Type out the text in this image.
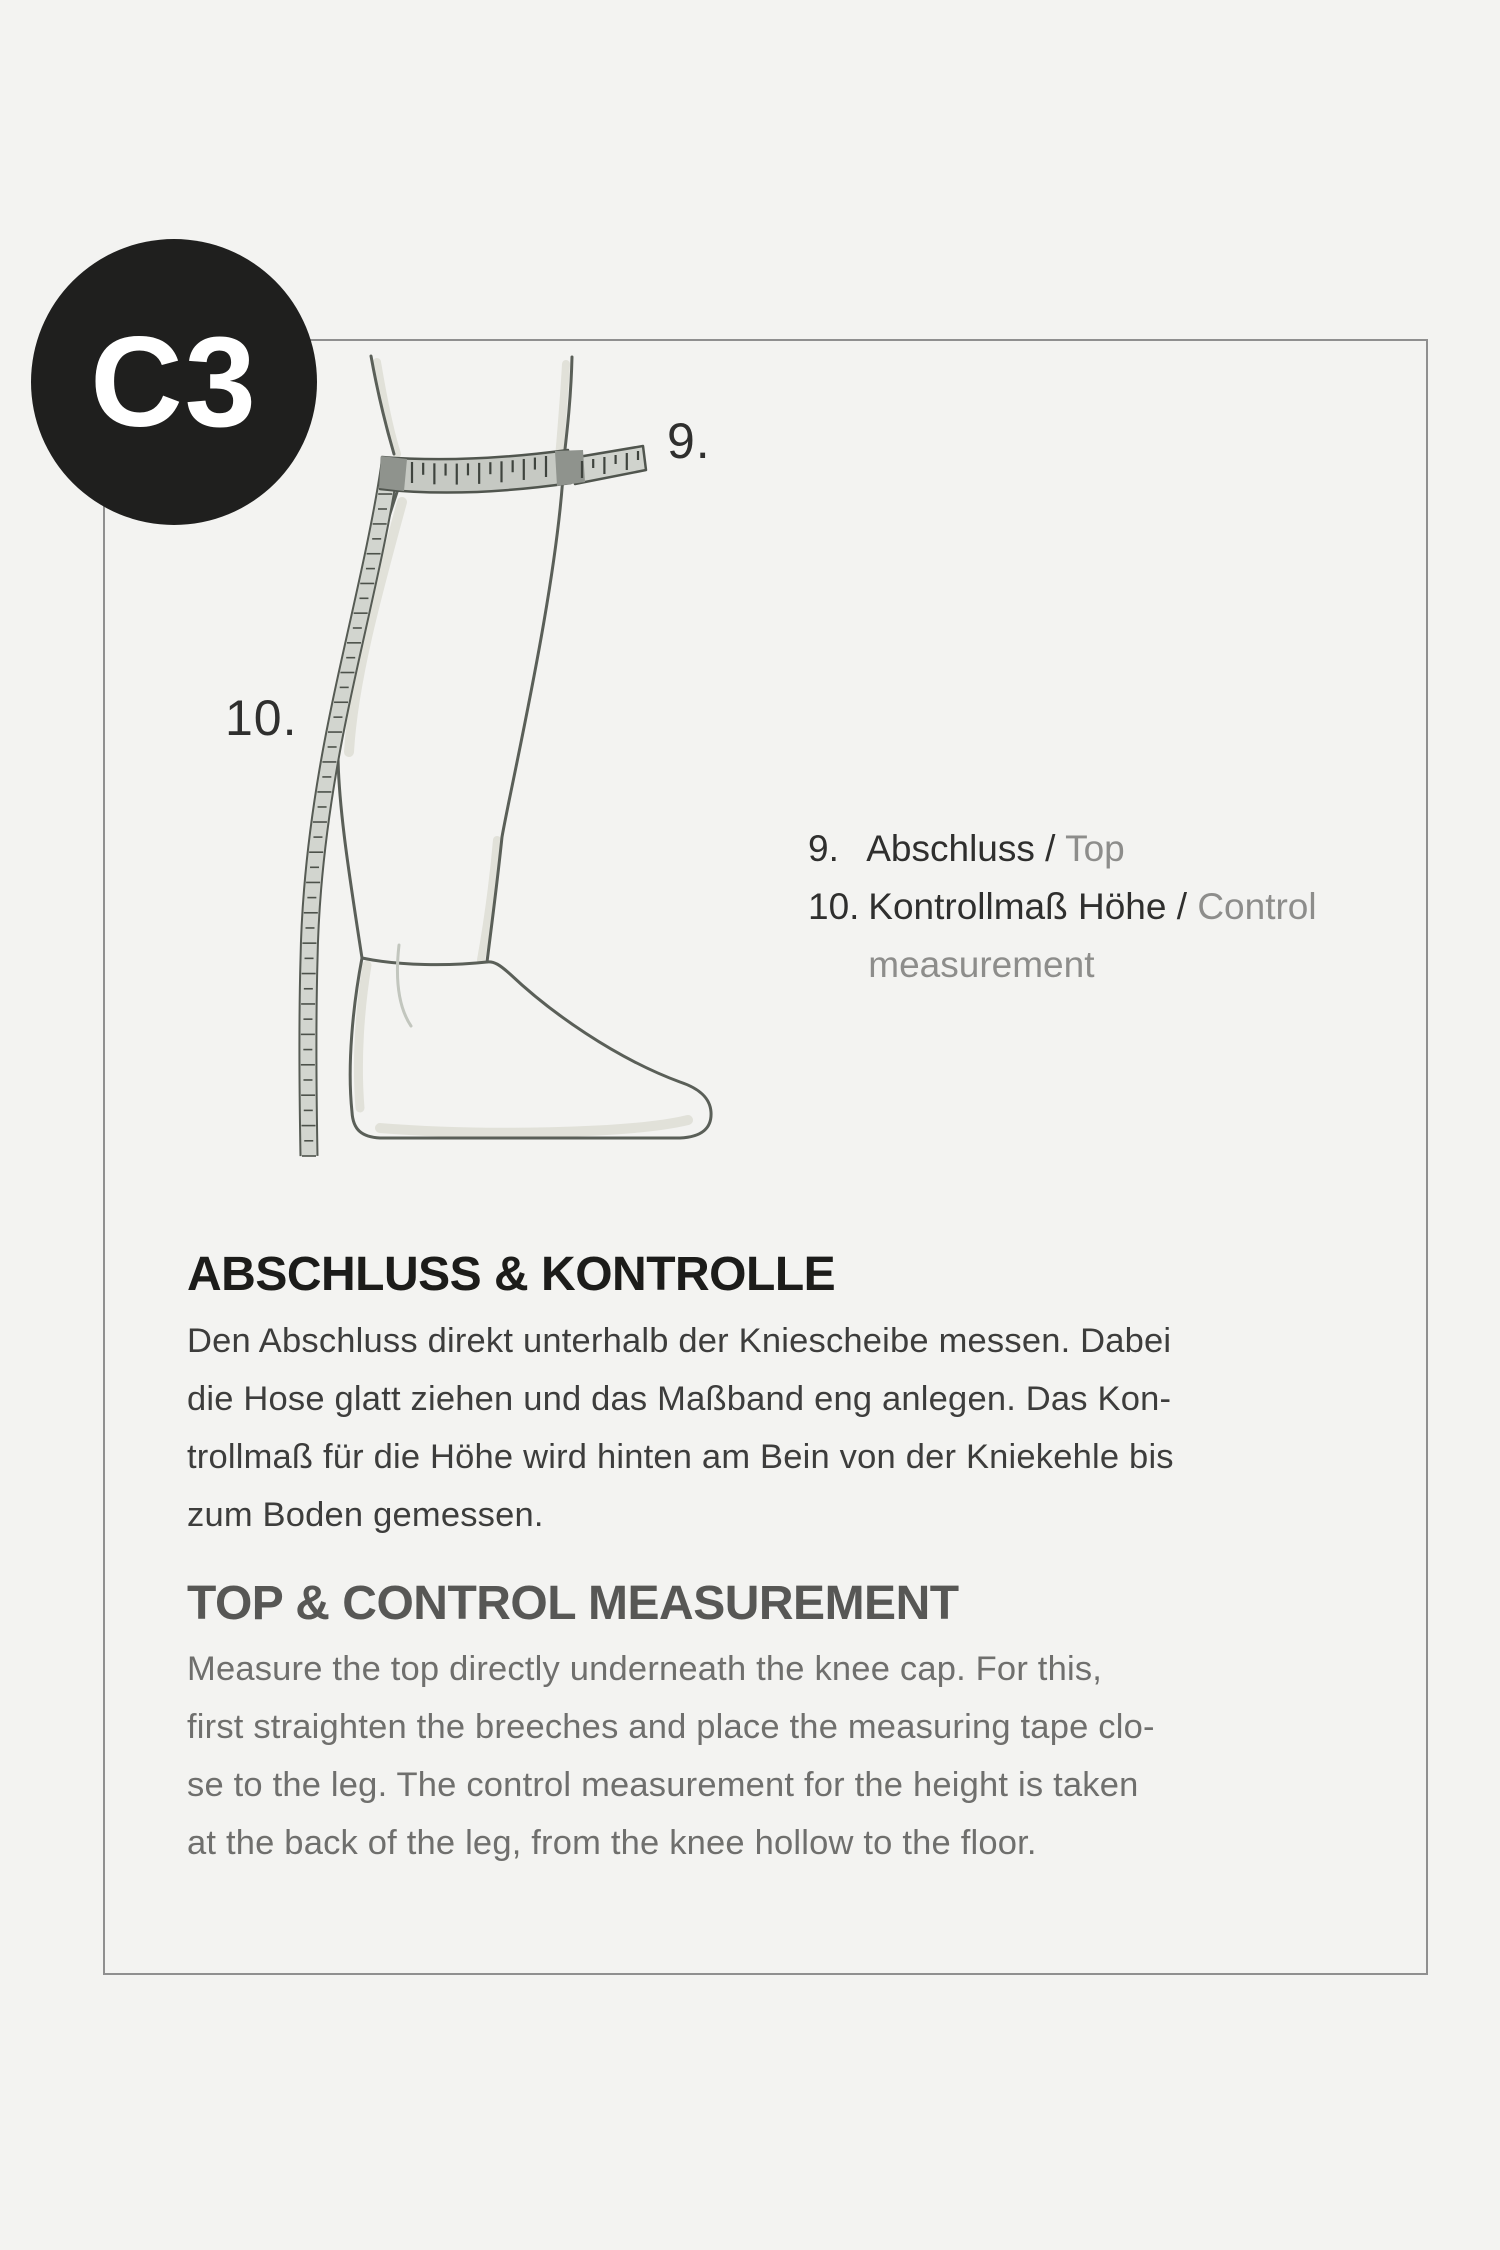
C3	9.
10.
9. Abschluss / Top
10. Kontrollmaß Höhe / Control
measurement
ABSCHLUSS & KONTROLLE
Den Abschluss direkt unterhalb der Kniescheibe messen. Dabei
die Hose glatt ziehen und das Maßband eng anlegen. Das Kon-
trollmaß für die Höhe wird hinten am Bein von der Kniekehle bis
zum Boden gemessen.
TOP & CONTROL MEASUREMENT
Measure the top directly underneath the knee cap. For this,
first straighten the breeches and place the measuring tape clo-
se to the leg. The control measurement for the height is taken
at the back of the leg, from the knee hollow to the floor.
